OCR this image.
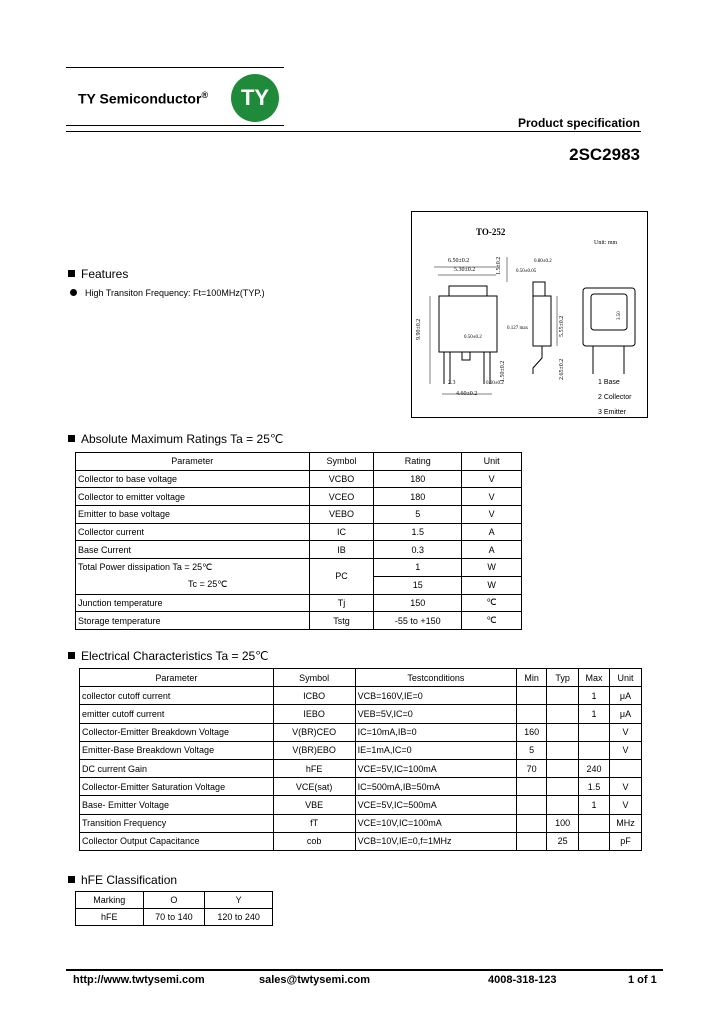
TY Semiconductor® TY
Product specification
2SC2983
TO-252
Unit: mm
6.50±0.2
5.30±0.2
9.90±0.2	0.50±0.2
2.3
4.60±0.2
0.60±0.2
1.5±0.2	0.50±0.05
0.127 max	5.55±0.2
1.50±0.2	2.65±0.2
0.80±0.2
3.50
1 Base
2 Collector
3 Emitter
Features
High Transiton Frequency: Ft=100MHz(TYP.)
Absolute Maximum Ratings Ta = 25℃
Parameter	Symbol	Rating	Unit
Collector to base voltage	VCBO	180	V
Collector to emitter voltage	VCEO	180	V
Emitter to base voltage	VEBO	5	V
Collector current	IC	1.5	A
Base Current	IB	0.3	A

Total Power dissipation Ta = 25℃
Tc = 25℃	PC	1	W
		15	W
Junction temperature	Tj	150	℃
Storage temperature	Tstg	-55 to +150	℃
Electrical Characteristics Ta = 25℃
Parameter	Symbol	Testconditions	Min	Typ	Max	Unit
collector cutoff current	ICBO	VCB=160V,IE=0			1	μA
emitter cutoff current	IEBO	VEB=5V,IC=0			1	μA
Collector-Emitter Breakdown Voltage	V(BR)CEO	IC=10mA,IB=0	160			V
Emitter-Base Breakdown Voltage	V(BR)EBO	IE=1mA,IC=0	5			V
DC current Gain	hFE	VCE=5V,IC=100mA	70		240	
Collector-Emitter Saturation Voltage	VCE(sat)	IC=500mA,IB=50mA			1.5	V
Base- Emitter Voltage	VBE	VCE=5V,IC=500mA			1	V
Transition Frequency	fT	VCE=10V,IC=100mA		100		MHz
Collector Output Capacitance	cob	VCB=10V,IE=0,f=1MHz		25		pF
hFE Classification
Marking	O	Y
hFE	70 to 140	120 to 240
http://www.twtysemi.com	sales@twtysemi.com	4008-318-123	1 of 1
